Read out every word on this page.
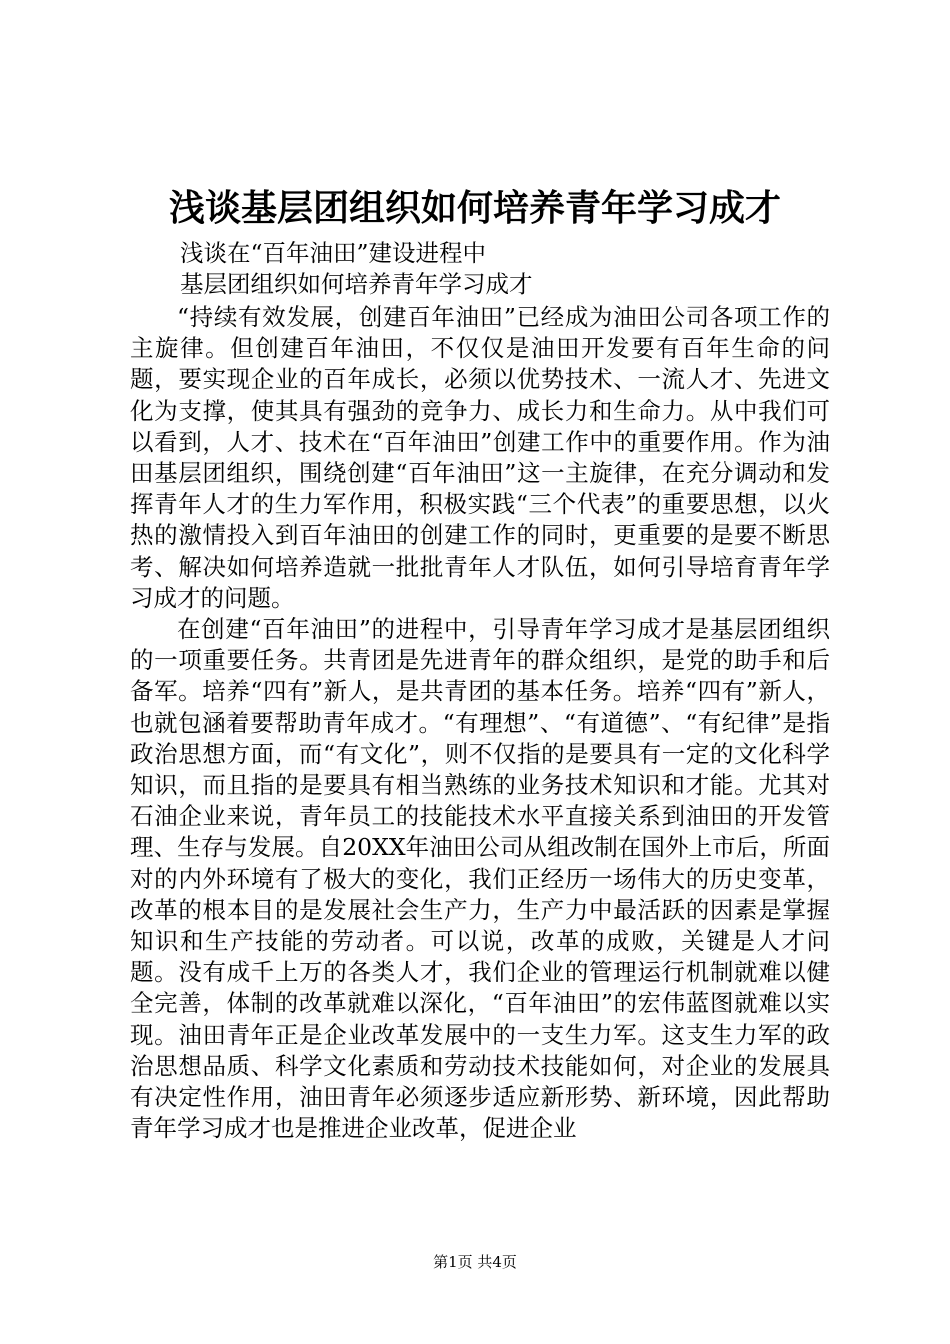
浅谈基层团组织如何培养青年学习成才
浅谈在“百年油田”建设进程中
基层团组织如何培养青年学习成才

“持续有效发展，创建百年油田”已经成为油田公司各项工作的主旋律。但创建百年油田，不仅仅是油田开发要有百年生命的问题，要实现企业的百年成长，必须以优势技术、一流人才、先进文化为支撑，使其具有强劲的竞争力、成长力和生命力。从中我们可以看到，人才、技术在“百年油田”创建工作中的重要作用。作为油田基层团组织，围绕创建“百年油田”这一主旋律，在充分调动和发挥青年人才的生力军作用，积极实践“三个代表”的重要思想，以火热的激情投入到百年油田的创建工作的同时，更重要的是要不断思考、解决如何培养造就一批批青年人才队伍，如何引导培育青年学习成才的问题。

在创建“百年油田”的进程中，引导青年学习成才是基层团组织的一项重要任务。共青团是先进青年的群众组织，是党的助手和后备军。培养“四有”新人，是共青团的基本任务。培养“四有”新人，也就包涵着要帮助青年成才。“有理想”、“有道德”、“有纪律”是指政治思想方面，而“有文化”，则不仅指的是要具有一定的文化科学知识，而且指的是要具有相当熟练的业务技术知识和才能。尤其对石油企业来说，青年员工的技能技术水平直接关系到油田的开发管理、生存与发展。自20XX年油田公司从组改制在国外上市后，所面对的内外环境有了极大的变化，我们正经历一场伟大的历史变革，改革的根本目的是发展社会生产力，生产力中最活跃的因素是掌握知识和生产技能的劳动者。可以说，改革的成败，关键是人才问题。没有成千上万的各类人才，我们企业的管理运行机制就难以健全完善，体制的改革就难以深化，“百年油田”的宏伟蓝图就难以实现。油田青年正是企业改革发展中的一支生力军。这支生力军的政治思想品质、科学文化素质和劳动技术技能如何，对企业的发展具有决定性作用，油田青年必须逐步适应新形势、新环境，因此帮助青年学习成才也是推进企业改革，促进企业

第1页 共4页
